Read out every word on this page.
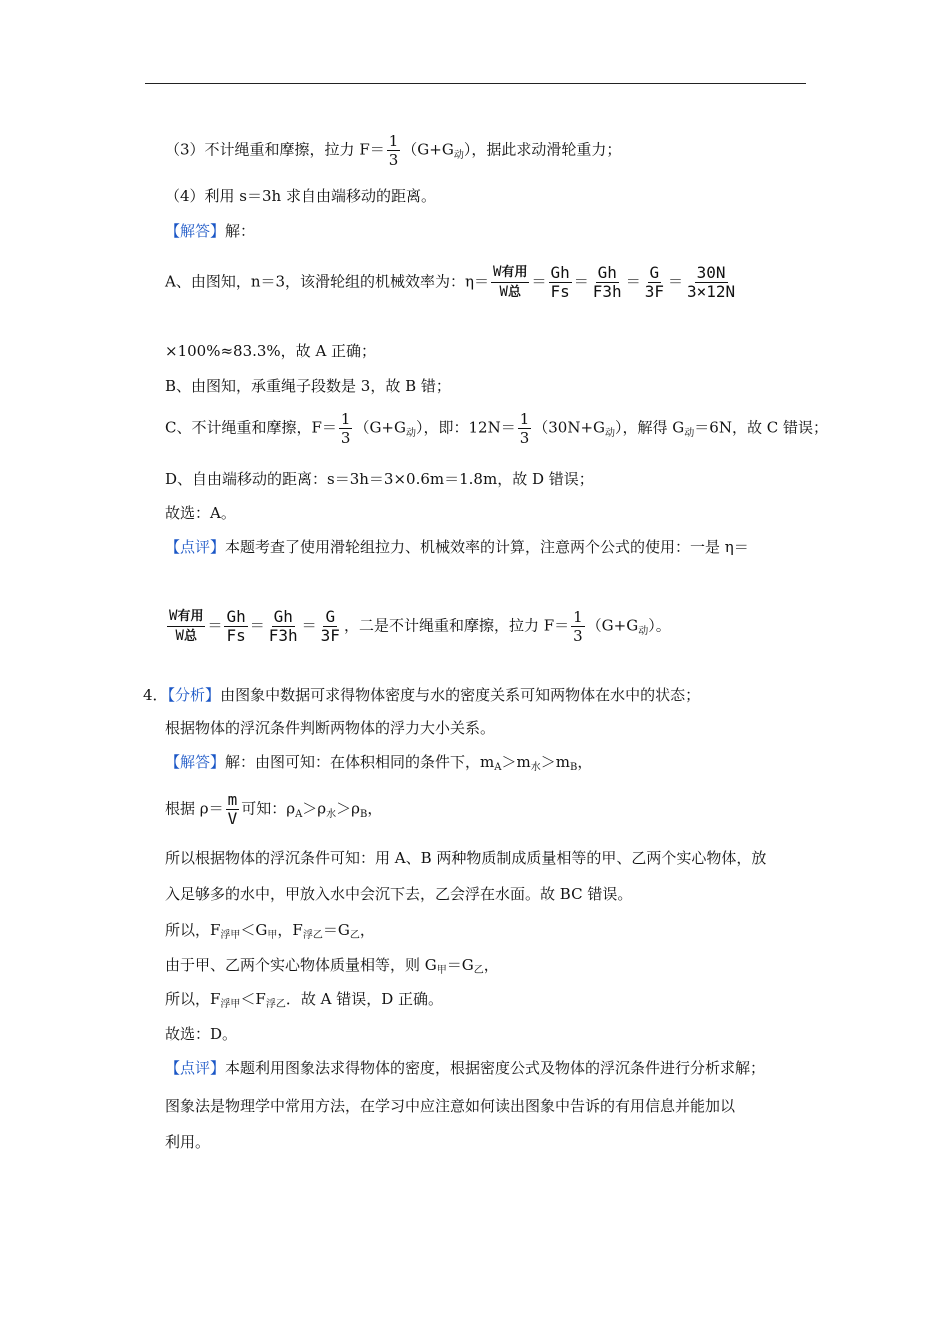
（3）不计绳重和摩擦，拉力 $F= \frac{1}{3} (G+G_动)$，据此求动滑轮重力；
（4）利用 s＝3h 求自由端移动的距离。
【解答】解：
A、由图知，n＝3，该滑轮组的机械效率为：$\eta= \frac{\text{W有用}}{\text{W总}} = \frac{Gh}{Fs} = \frac{Gh}{F3h} = \frac{G}{3F} = \frac{30N}{3\times 12N}$
×100%≈83.3%，故 A 正确；
B、由图知，承重绳子段数是 3，故 B 错；
C、不计绳重和摩擦，$F= \frac{1}{3} (G+G_动)$，即：$12N= \frac{1}{3} (30N+G_动)$，解得 $G_动=6N$，故 C 错误；
D、自由端移动的距离：s＝3h＝3×0.6m＝1.8m，故 D 错误；
故选：A。
【点评】本题考查了使用滑轮组拉力、机械效率的计算，注意两个公式的使用：一是 η＝
$\frac{\text{W有用}}{\text{W总}} = \frac{Gh}{Fs} = \frac{Gh}{F3h} = \frac{G}{3F}$ ，二是不计绳重和摩擦，拉力 $F= \frac{1}{3} (G+G_动)$。
4．【分析】由图象中数据可求得物体密度与水的密度关系可知两物体在水中的状态；
根据物体的浮沉条件判断两物体的浮力大小关系。
【解答】解：由图可知：在体积相同的条件下，$m_A>m_水>m_B$，
根据 $\rho= \frac{m}{V}$ 可知：$\rho_A>\rho_水>\rho_B$，
所以根据物体的浮沉条件可知：用 A、B 两种物质制成质量相等的甲、乙两个实心物体，放
入足够多的水中，甲放入水中会沉下去，乙会浮在水面。故 BC 错误。
所以，$F_{浮甲}<G_甲$，$F_{浮乙}=G_乙$，
由于甲、乙两个实心物体质量相等，则 $G_甲=G_乙$，
所以，$F_{浮甲}<F_{浮乙}$．故 A 错误，D 正确。
故选：D。
【点评】本题利用图象法求得物体的密度，根据密度公式及物体的浮沉条件进行分析求解；
图象法是物理学中常用方法，在学习中应注意如何读出图象中告诉的有用信息并能加以
利用。
